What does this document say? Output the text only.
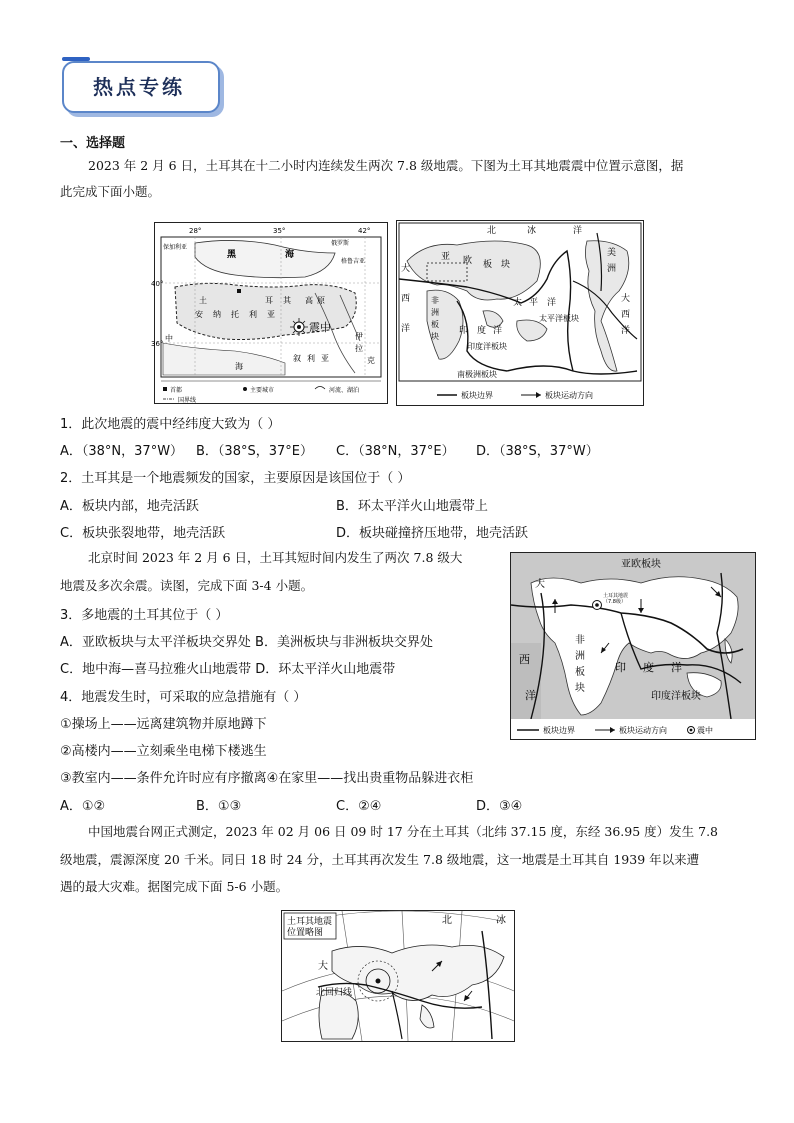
热点专练
一、选择题
2023 年 2 月 6 日，土耳其在十二小时内连续发生两次 7.8 级地震。下图为土耳其地震震中位置示意图，据
此完成下面小题。
28°	35°	42°
40°
36°
保加利亚
黑	海
俄罗斯
格鲁吉亚
土
安 纳 托 利 亚
耳 其 高 原
叙 利 亚
伊
拉
克
中
海
震中
首都	主要城市	河流、湖泊
国界线
北	冰	洋
大
亚 欧 板 块
美
洲
非
洲
板
块
太 平 洋
太平洋板块
印 度 洋
印度洋板块
南极洲板块
西
洋
大
西
洋
板块边界	板块运动方向
1．此次地震的震中经纬度大致为（ ）
A．（38°N，37°W） B．（38°S，37°E） C．（38°N，37°E） D．（38°S，37°W）
2．土耳其是一个地震频发的国家，主要原因是该国位于（ ）
A．板块内部，地壳活跃	B．环太平洋火山地震带上
C．板块张裂地带，地壳活跃	D．板块碰撞挤压地带，地壳活跃
北京时间 2023 年 2 月 6 日，土耳其短时间内发生了两次 7.8 级大
地震及多次余震。读图，完成下面 3-4 小题。
亚欧板块
大
土耳其地震
（7.8级）
西
非
洲
板
块
洋
印 度 洋
印度洋板块
板块边界	板块运动方向	震中
3．多地震的土耳其位于（ ）
A．亚欧板块与太平洋板块交界处 B．美洲板块与非洲板块交界处
C．地中海—喜马拉雅火山地震带 D．环太平洋火山地震带
4．地震发生时，可采取的应急措施有（ ）
①操场上——远离建筑物并原地蹲下
②高楼内——立刻乘坐电梯下楼逃生
③教室内——条件允许时应有序撤离④在家里——找出贵重物品躲进衣柜
A．①②	B．①③	C．②④	D．③④
中国地震台网正式测定，2023 年 02 月 06 日 09 时 17 分在土耳其（北纬 37.15 度，东经 36.95 度）发生 7.8
级地震，震源深度 20 千米。同日 18 时 24 分，土耳其再次发生 7.8 级地震，这一地震是土耳其自 1939 年以来遭
遇的最大灾难。据图完成下面 5-6 小题。
土耳其地震
位置略图
北	冰
大
北回归线
